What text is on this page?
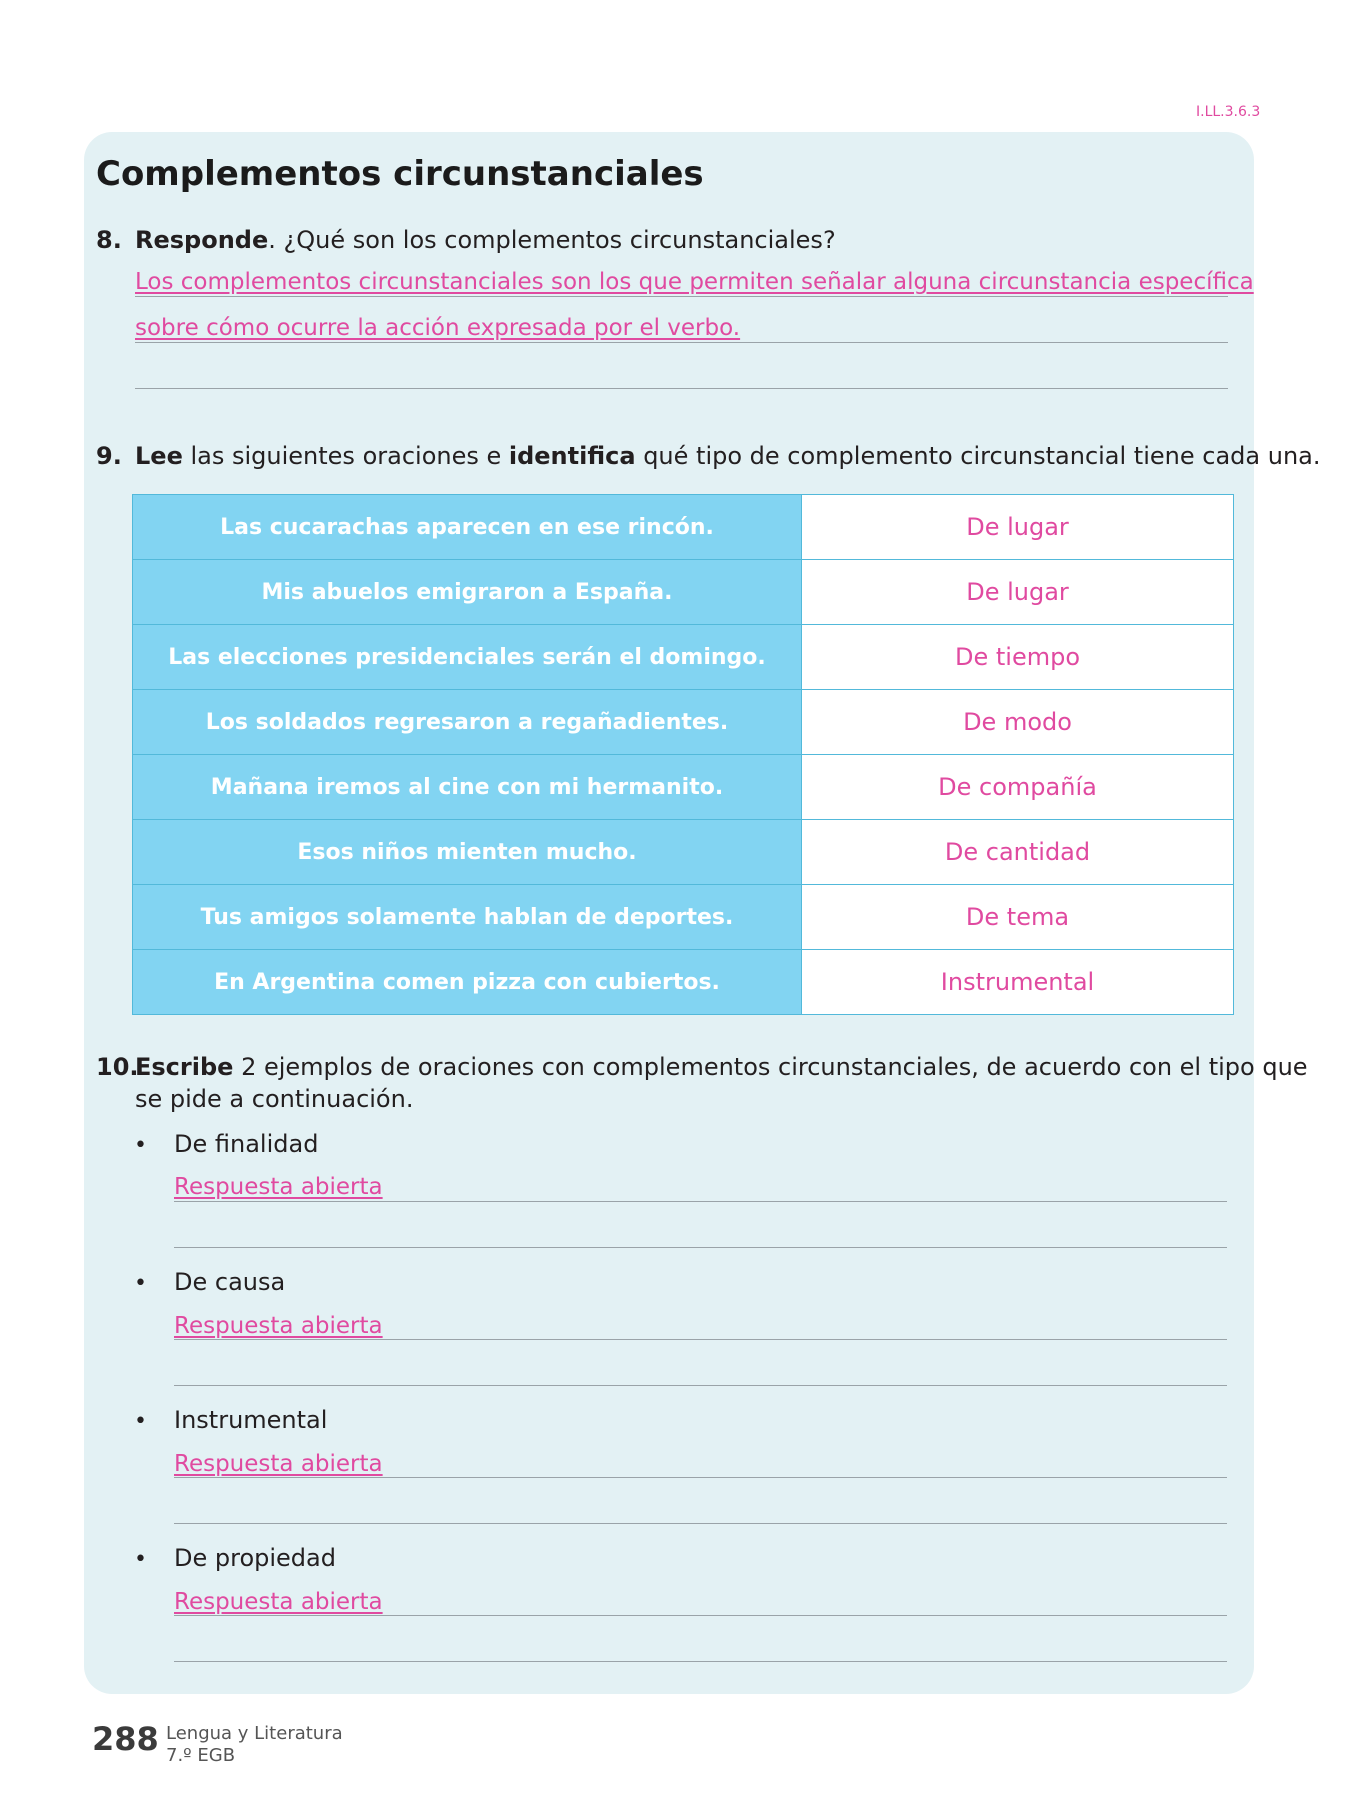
I.LL.3.6.3
Complementos circunstanciales
8. Responde. ¿Qué son los complementos circunstanciales?
Los complementos circunstanciales son los que permiten señalar alguna circunstancia específica
sobre cómo ocurre la acción expresada por el verbo.
9. Lee las siguientes oraciones e identifica qué tipo de complemento circunstancial tiene cada una.
Las cucarachas aparecen en ese rincón.	De lugar
Mis abuelos emigraron a España.	De lugar
Las elecciones presidenciales serán el domingo.	De tiempo
Los soldados regresaron a regañadientes.	De modo
Mañana iremos al cine con mi hermanito.	De compañía
Esos niños mienten mucho.	De cantidad
Tus amigos solamente hablan de deportes.	De tema
En Argentina comen pizza con cubiertos.	Instrumental
10.
Escribe 2 ejemplos de oraciones con complementos circunstanciales, de acuerdo con el tipo que
se pide a continuación.
• De finalidad
Respuesta abierta
• De causa
Respuesta abierta
• Instrumental
Respuesta abierta
• De propiedad
Respuesta abierta
288 Lengua y Literatura
7.º EGB
